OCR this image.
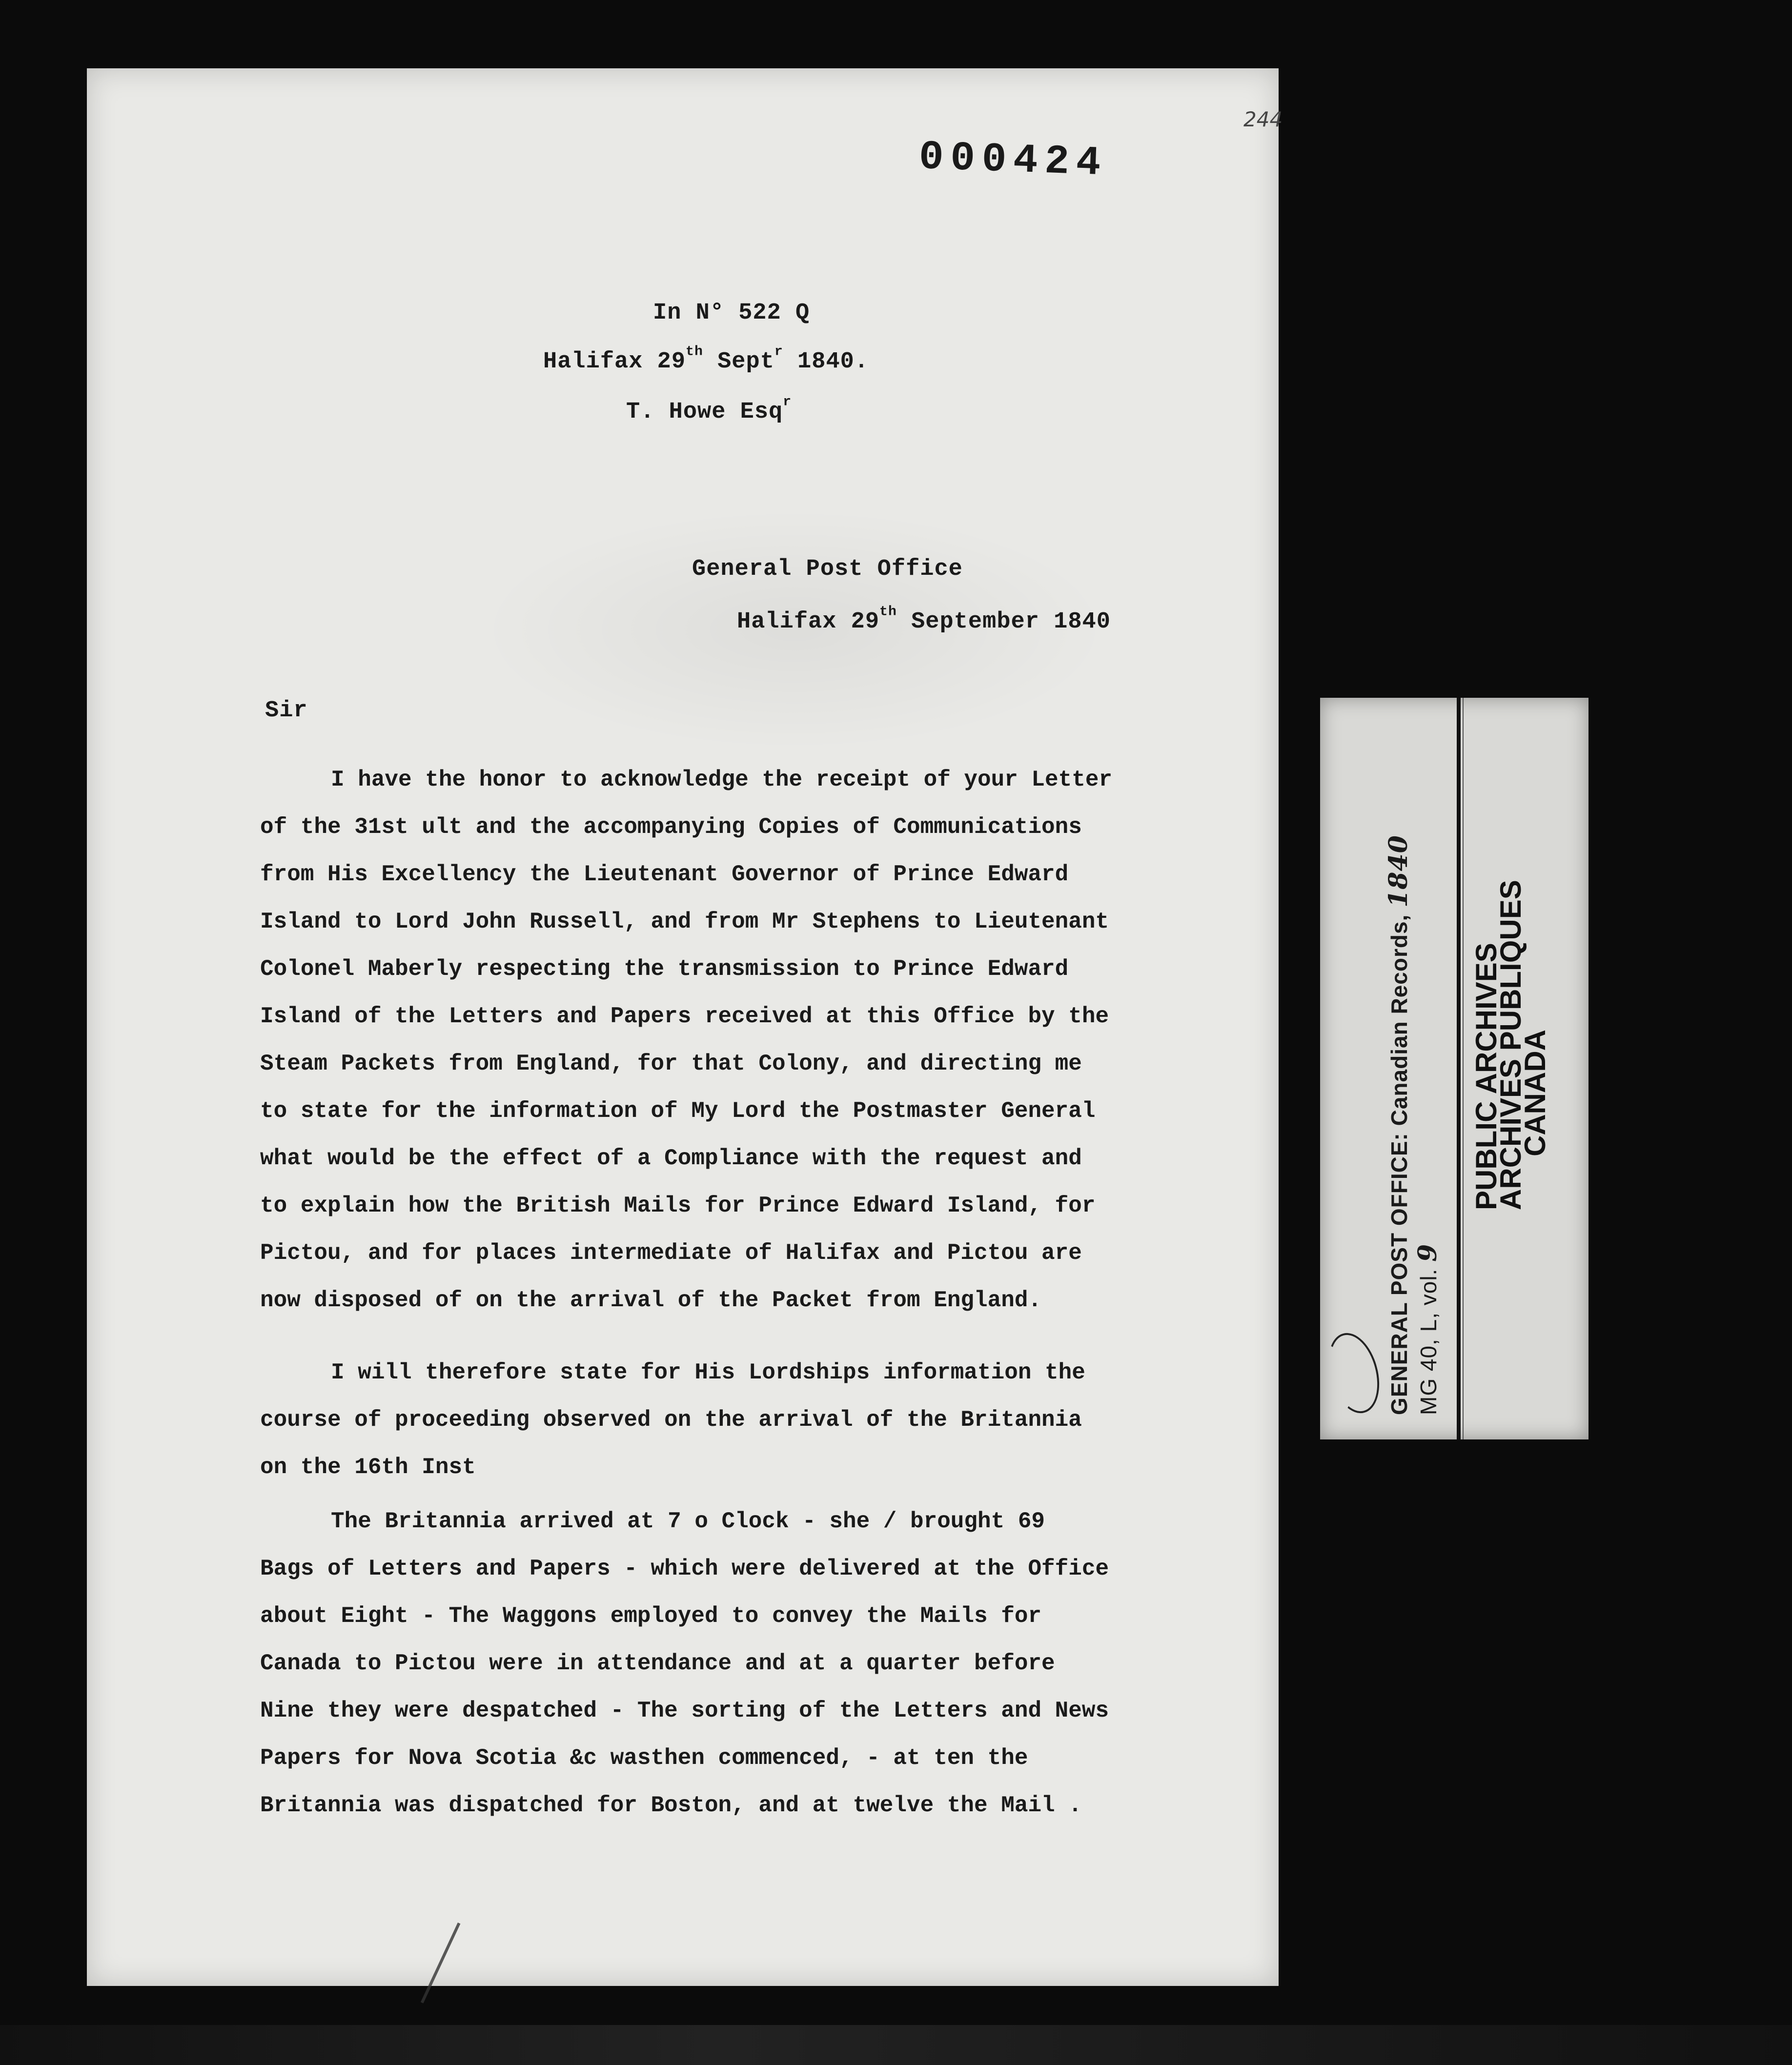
000424

244

In N° 522 Q

Halifax 29th Sept$^r$ 1840.

T. Howe Esq$^r$

General Post Office

Halifax 29th September 1840

Sir

I have the honor to acknowledge the receipt of your Letter
of the 31st ult and the accompanying Copies of Communications
from His Excellency the Lieutenant Governor of Prince Edward
Island to Lord John Russell, and from Mr Stephens to Lieutenant
Colonel Maberly respecting the transmission to Prince Edward
Island of the Letters and Papers received at this Office by the
Steam Packets from England, for that Colony, and directing me
to state for the information of My Lord the Postmaster General
what would be the effect of a Compliance with the request and
to explain how the British Mails for Prince Edward Island, for
Pictou, and for places intermediate of Halifax and Pictou are
now disposed of on the arrival of the Packet from England.
I will therefore state for His Lordships information the
course of proceeding observed on the arrival of the Britannia
on the 16th Inst
The Britannia arrived at 7 o Clock - she / brought 69
Bags of Letters and Papers - which were delivered at the Office
about Eight - The Waggons employed to convey the Mails for
Canada to Pictou were in attendance and at a quarter before
Nine they were despatched - The sorting of the Letters and News
Papers for Nova Scotia &c wasthen commenced, - at ten the
Britannia was dispatched for Boston, and at twelve the Mail .

GENERAL POST OFFICE: Canadian Records, 1840

MG 40, L, vol. 9

PUBLIC ARCHIVES

ARCHIVES PUBLIQUES

CANADA
